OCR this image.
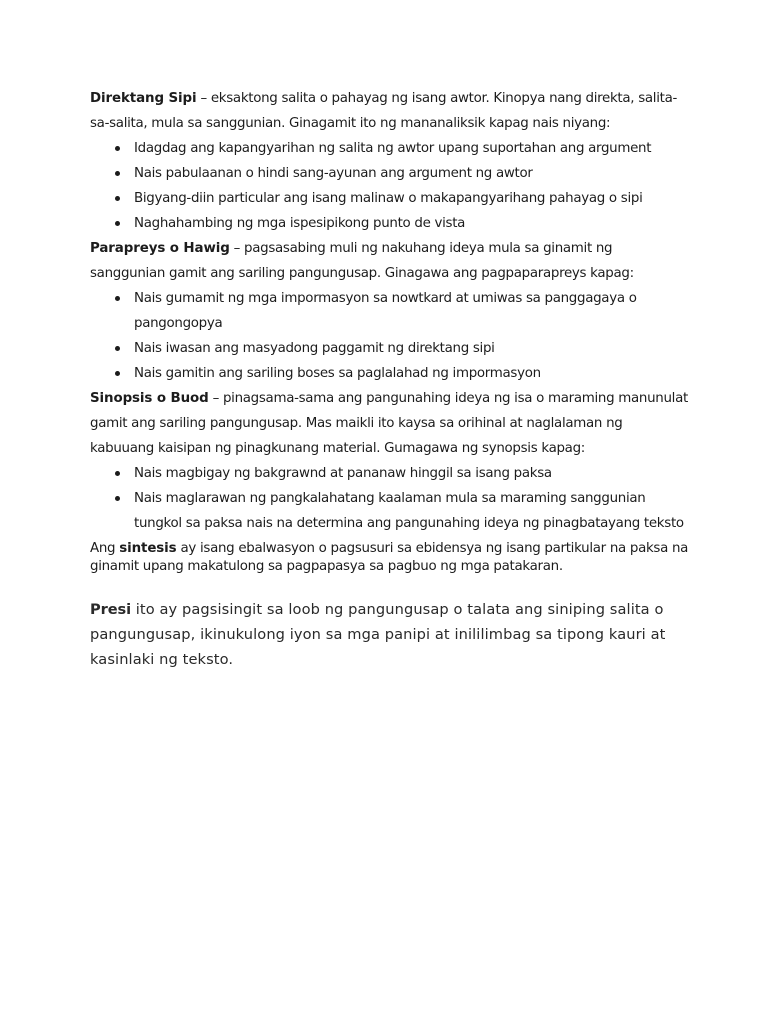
Direktang Sipi – eksaktong salita o pahayag ng isang awtor. Kinopya nang direkta, salita-sa-salita, mula sa sanggunian. Ginagamit ito ng mananaliksik kapag nais niyang:

Idagdag ang kapangyarihan ng salita ng awtor upang suportahan ang argument
Nais pabulaanan o hindi sang-ayunan ang argument ng awtor
Bigyang-diin particular ang isang malinaw o makapangyarihang pahayag o sipi
Naghahambing ng mga ispesipikong punto de vista

Parapreys o Hawig – pagsasabing muli ng nakuhang ideya mula sa ginamit ng sanggunian gamit ang sariling pangungusap. Ginagawa ang pagpaparapreys kapag:

Nais gumamit ng mga impormasyon sa nowtkard at umiwas sa panggagaya o pangongopya
Nais iwasan ang masyadong paggamit ng direktang sipi
Nais gamitin ang sariling boses sa paglalahad ng impormasyon

Sinopsis o Buod – pinagsama-sama ang pangunahing ideya ng isa o maraming manunulat gamit ang sariling pangungusap. Mas maikli ito kaysa sa orihinal at naglalaman ng kabuuang kaisipan ng pinagkunang material. Gumagawa ng synopsis kapag:

Nais magbigay ng bakgrawnd at pananaw hinggil sa isang paksa
Nais maglarawan ng pangkalahatang kaalaman mula sa maraming sanggunian tungkol sa paksa nais na determina ang pangunahing ideya ng pinagbatayang teksto

Ang sintesis ay isang ebalwasyon o pagsusuri sa ebidensya ng isang partikular na paksa na ginamit upang makatulong sa pagpapasya sa pagbuo ng mga patakaran.

Presi ito ay pagsisingit sa loob ng pangungusap o talata ang siniping salita o pangungusap, ikinukulong iyon sa mga panipi at inililimbag sa tipong kauri at kasinlaki ng teksto.
